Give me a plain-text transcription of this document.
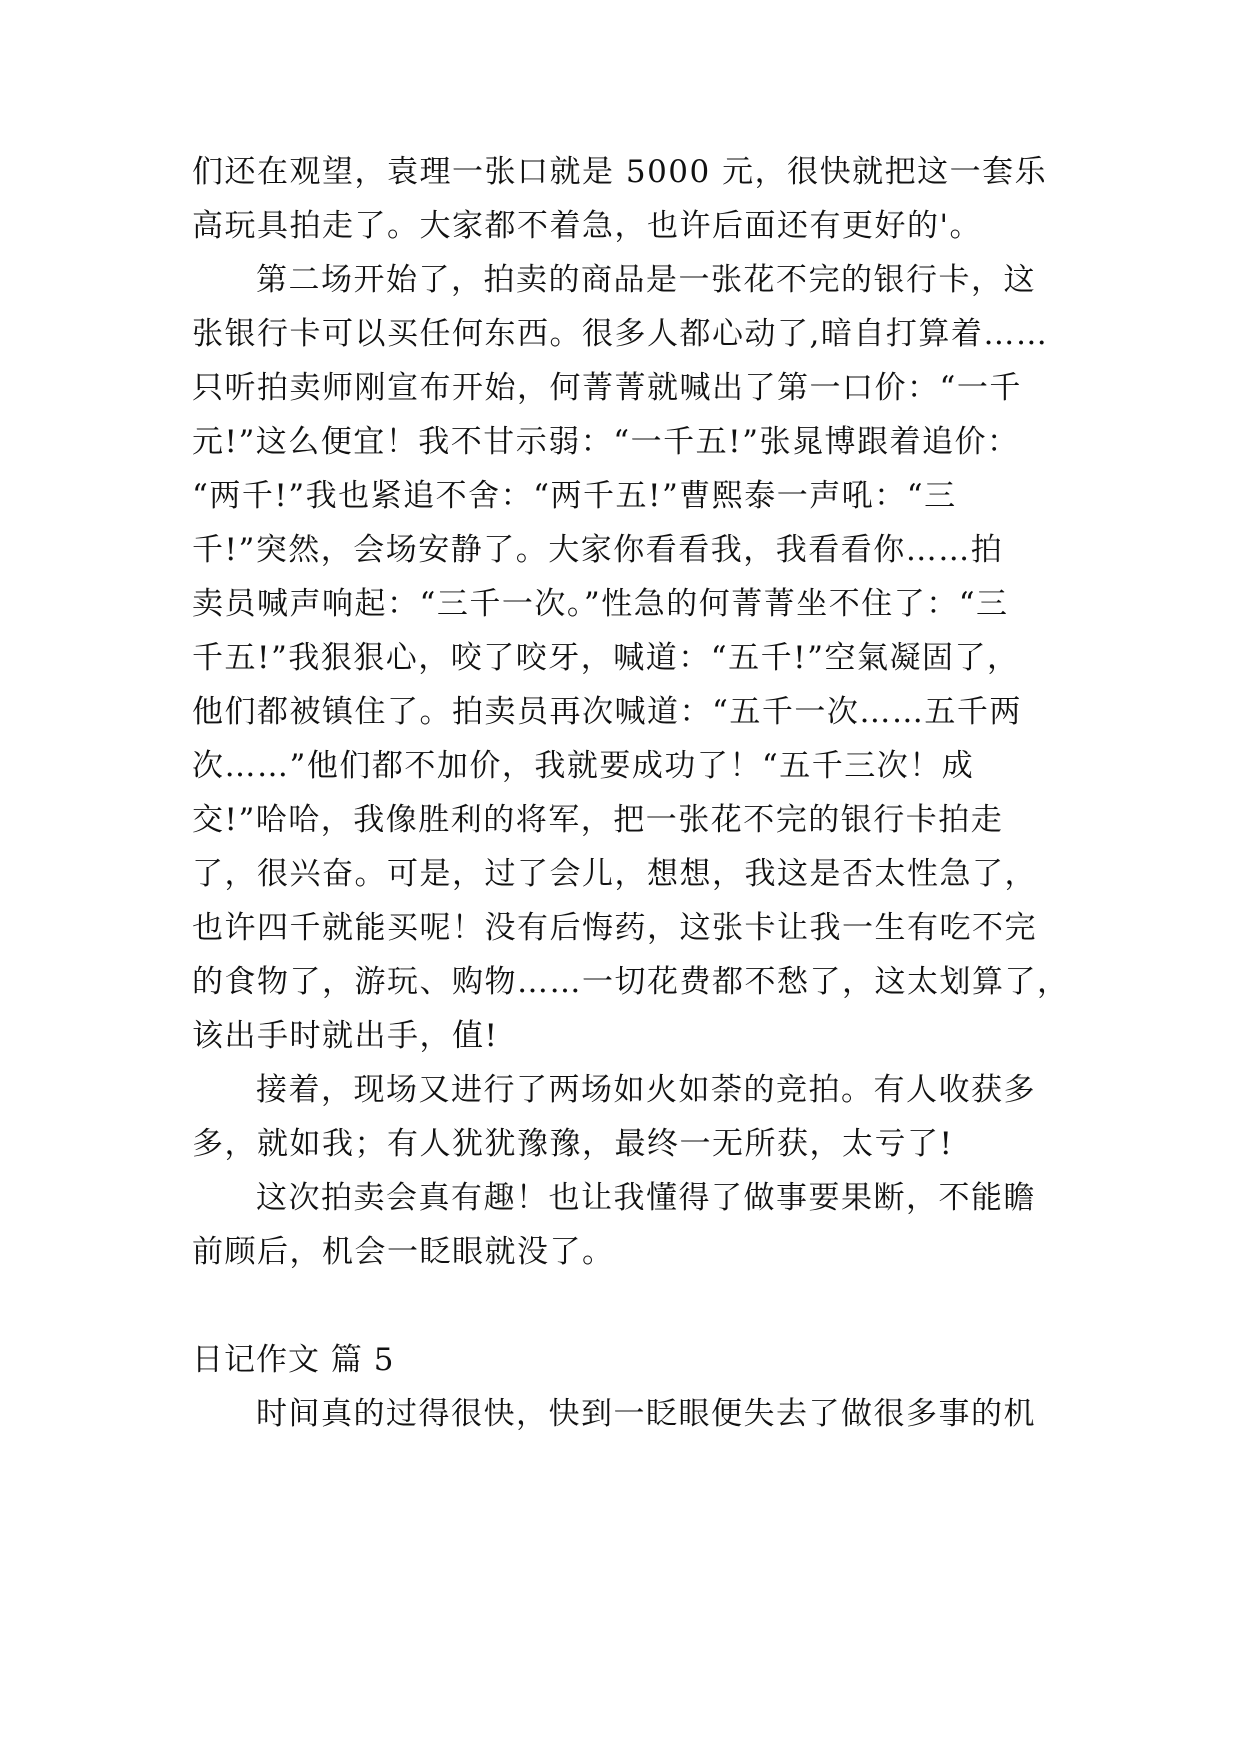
们还在观望，袁理一张口就是 5000 元，很快就把这一套乐
高玩具拍走了。大家都不着急，也许后面还有更好的'。
第二场开始了，拍卖的商品是一张花不完的银行卡，这
张银行卡可以买任何东西。很多人都心动了,暗自打算着……
只听拍卖师刚宣布开始，何菁菁就喊出了第一口价：“一千
元!”这么便宜！我不甘示弱：“一千五!”张晁博跟着追价：
“两千!”我也紧追不舍：“两千五!”曹熙泰一声吼：“三
千!”突然，会场安静了。大家你看看我，我看看你……拍
卖员喊声响起：“三千一次。”性急的何菁菁坐不住了：“三
千五!”我狠狠心，咬了咬牙，喊道：“五千!”空氣凝固了，
他们都被镇住了。拍卖员再次喊道：“五千一次……五千两
次……”他们都不加价，我就要成功了！“五千三次！成
交!”哈哈，我像胜利的将军，把一张花不完的银行卡拍走
了，很兴奋。可是，过了会儿，想想，我这是否太性急了，
也许四千就能买呢！没有后悔药，这张卡让我一生有吃不完
的食物了，游玩、购物……一切花费都不愁了，这太划算了，
该出手时就出手，值!
接着，现场又进行了两场如火如荼的竞拍。有人收获多
多，就如我；有人犹犹豫豫，最终一无所获，太亏了!
这次拍卖会真有趣！也让我懂得了做事要果断，不能瞻
前顾后，机会一眨眼就没了。
日记作文 篇 5
时间真的过得很快，快到一眨眼便失去了做很多事的机
